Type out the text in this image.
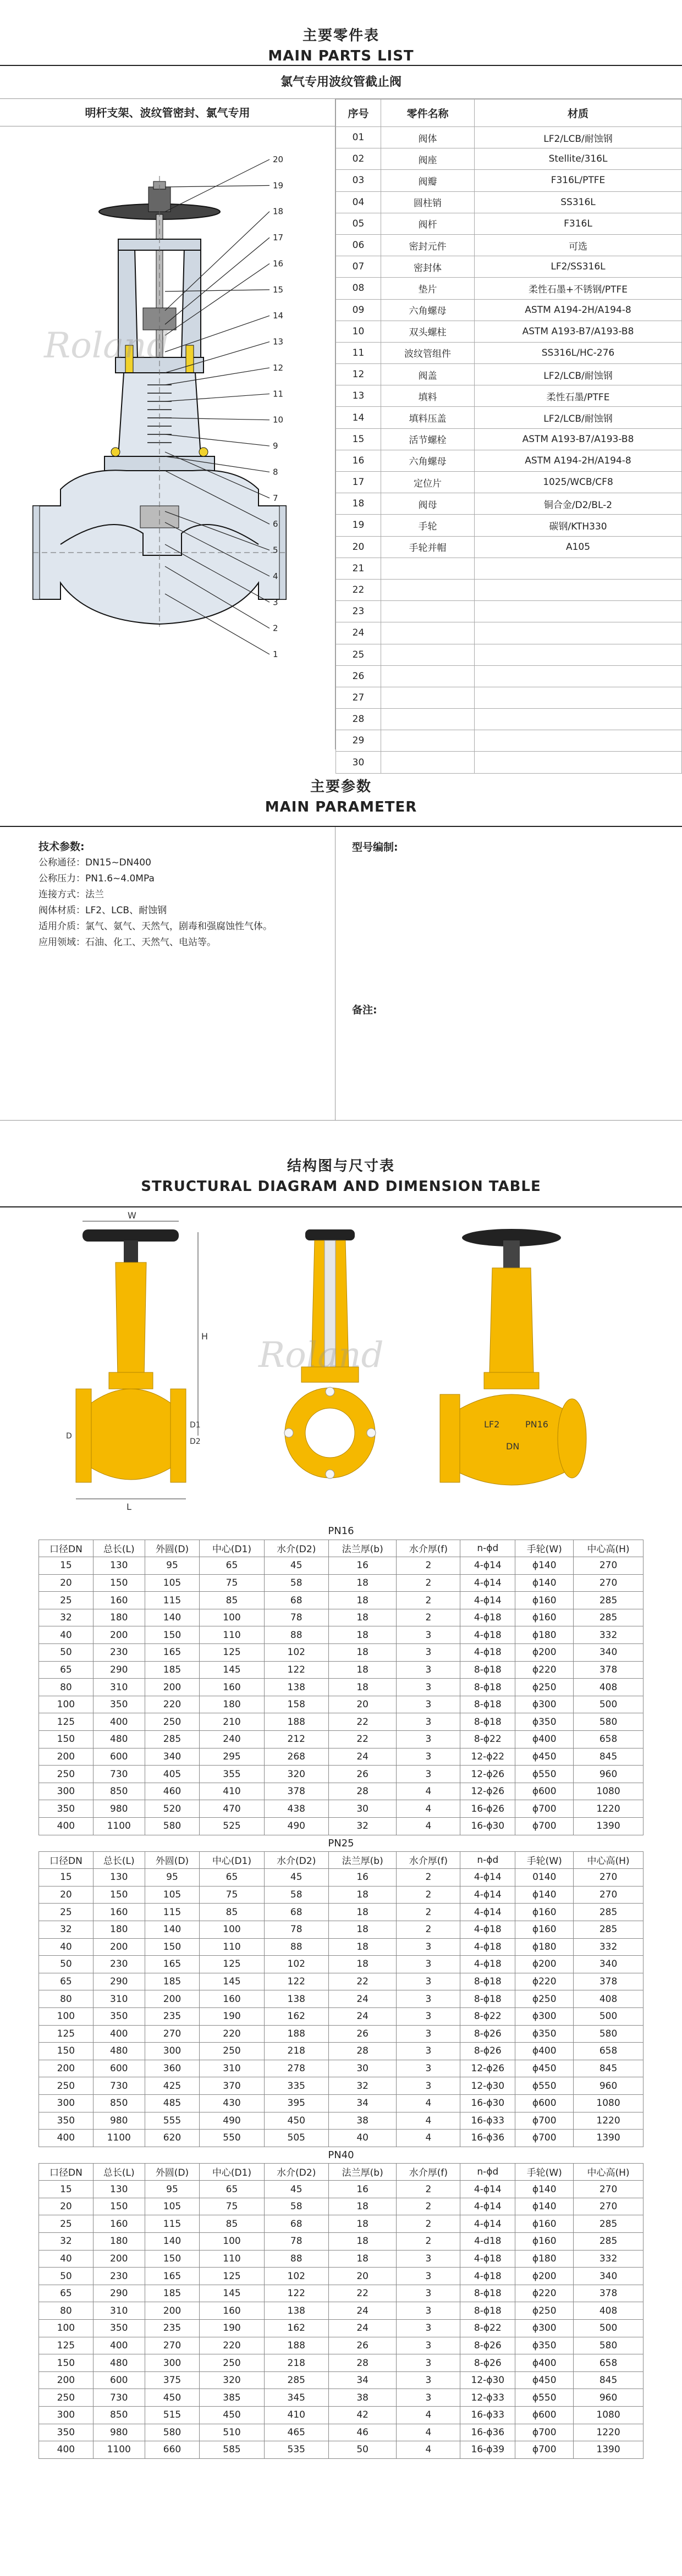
主要零件表
MAIN PARTS LIST
氯气专用波纹管截止阀
明杆支架、波纹管密封、氯气专用
20
19
18
17
16
15
14
13
12
11
10
9
8
7
6
5
4
3
2
1
Roland
序号	零件名称	材质
01	阀体	LF2/LCB/耐蚀钢
02	阀座	Stellite/316L
03	阀瓣	F316L/PTFE
04	圆柱销	SS316L
05	阀杆	F316L
06	密封元件	可选
07	密封体	LF2/SS316L
08	垫片	柔性石墨+不锈钢/PTFE
09	六角螺母	ASTM A194-2H/A194-8
10	双头螺柱	ASTM A193-B7/A193-B8
11	波纹管组件	SS316L/HC-276
12	阀盖	LF2/LCB/耐蚀钢
13	填料	柔性石墨/PTFE
14	填料压盖	LF2/LCB/耐蚀钢
15	活节螺栓	ASTM A193-B7/A193-B8
16	六角螺母	ASTM A194-2H/A194-8
17	定位片	1025/WCB/CF8
18	阀母	铜合金/D2/BL-2
19	手轮	碳钢/KTH330
20	手轮并帽	A105
21		
22		
23		
24		
25		
26		
27		
28		
29		
30		
主要参数
MAIN PARAMETER
技术参数:
公称通径：DN15~DN400
公称压力：PN1.6~4.0MPa
连接方式：法兰
阀体材质：LF2、LCB、耐蚀钢
适用介质：氯气、氨气、天然气，剧毒和强腐蚀性气体。
应用领域：石油、化工、天然气、电站等。
型号编制:
备注:
结构图与尺寸表
STRUCTURAL DIAGRAM AND DIMENSION TABLE
L
H
W
D
D1
D2
LF2	PN16
DN
Roland
PN16									
口径DN	总长(L)	外圆(D)	中心(D1)	水介(D2)	法兰厚(b)	水介厚(f)	n-ϕd	手轮(W)	中心高(H)
15	130	95	65	45	16	2	4-ϕ14	ϕ140	270
20	150	105	75	58	18	2	4-ϕ14	ϕ140	270
25	160	115	85	68	18	2	4-ϕ14	ϕ160	285
32	180	140	100	78	18	2	4-ϕ18	ϕ160	285
40	200	150	110	88	18	3	4-ϕ18	ϕ180	332
50	230	165	125	102	18	3	4-ϕ18	ϕ200	340
65	290	185	145	122	18	3	8-ϕ18	ϕ220	378
80	310	200	160	138	18	3	8-ϕ18	ϕ250	408
100	350	220	180	158	20	3	8-ϕ18	ϕ300	500
125	400	250	210	188	22	3	8-ϕ18	ϕ350	580
150	480	285	240	212	22	3	8-ϕ22	ϕ400	658
200	600	340	295	268	24	3	12-ϕ22	ϕ450	845
250	730	405	355	320	26	3	12-ϕ26	ϕ550	960
300	850	460	410	378	28	4	12-ϕ26	ϕ600	1080
350	980	520	470	438	30	4	16-ϕ26	ϕ700	1220
400	1100	580	525	490	32	4	16-ϕ30	ϕ700	1390
PN25									
口径DN	总长(L)	外圆(D)	中心(D1)	水介(D2)	法兰厚(b)	水介厚(f)	n-ϕd	手轮(W)	中心高(H)
15	130	95	65	45	16	2	4-ϕ14	0140	270
20	150	105	75	58	18	2	4-ϕ14	ϕ140	270
25	160	115	85	68	18	2	4-ϕ14	ϕ160	285
32	180	140	100	78	18	2	4-ϕ18	ϕ160	285
40	200	150	110	88	18	3	4-ϕ18	ϕ180	332
50	230	165	125	102	18	3	4-ϕ18	ϕ200	340
65	290	185	145	122	22	3	8-ϕ18	ϕ220	378
80	310	200	160	138	24	3	8-ϕ18	ϕ250	408
100	350	235	190	162	24	3	8-ϕ22	ϕ300	500
125	400	270	220	188	26	3	8-ϕ26	ϕ350	580
150	480	300	250	218	28	3	8-ϕ26	ϕ400	658
200	600	360	310	278	30	3	12-ϕ26	ϕ450	845
250	730	425	370	335	32	3	12-ϕ30	ϕ550	960
300	850	485	430	395	34	4	16-ϕ30	ϕ600	1080
350	980	555	490	450	38	4	16-ϕ33	ϕ700	1220
400	1100	620	550	505	40	4	16-ϕ36	ϕ700	1390
PN40									
口径DN	总长(L)	外圆(D)	中心(D1)	水介(D2)	法兰厚(b)	水介厚(f)	n-ϕd	手轮(W)	中心高(H)
15	130	95	65	45	16	2	4-ϕ14	ϕ140	270
20	150	105	75	58	18	2	4-ϕ14	ϕ140	270
25	160	115	85	68	18	2	4-ϕ14	ϕ160	285
32	180	140	100	78	18	2	4-d18	ϕ160	285
40	200	150	110	88	18	3	4-ϕ18	ϕ180	332
50	230	165	125	102	20	3	4-ϕ18	ϕ200	340
65	290	185	145	122	22	3	8-ϕ18	ϕ220	378
80	310	200	160	138	24	3	8-ϕ18	ϕ250	408
100	350	235	190	162	24	3	8-ϕ22	ϕ300	500
125	400	270	220	188	26	3	8-ϕ26	ϕ350	580
150	480	300	250	218	28	3	8-ϕ26	ϕ400	658
200	600	375	320	285	34	3	12-ϕ30	ϕ450	845
250	730	450	385	345	38	3	12-ϕ33	ϕ550	960
300	850	515	450	410	42	4	16-ϕ33	ϕ600	1080
350	980	580	510	465	46	4	16-ϕ36	ϕ700	1220
400	1100	660	585	535	50	4	16-ϕ39	ϕ700	1390
